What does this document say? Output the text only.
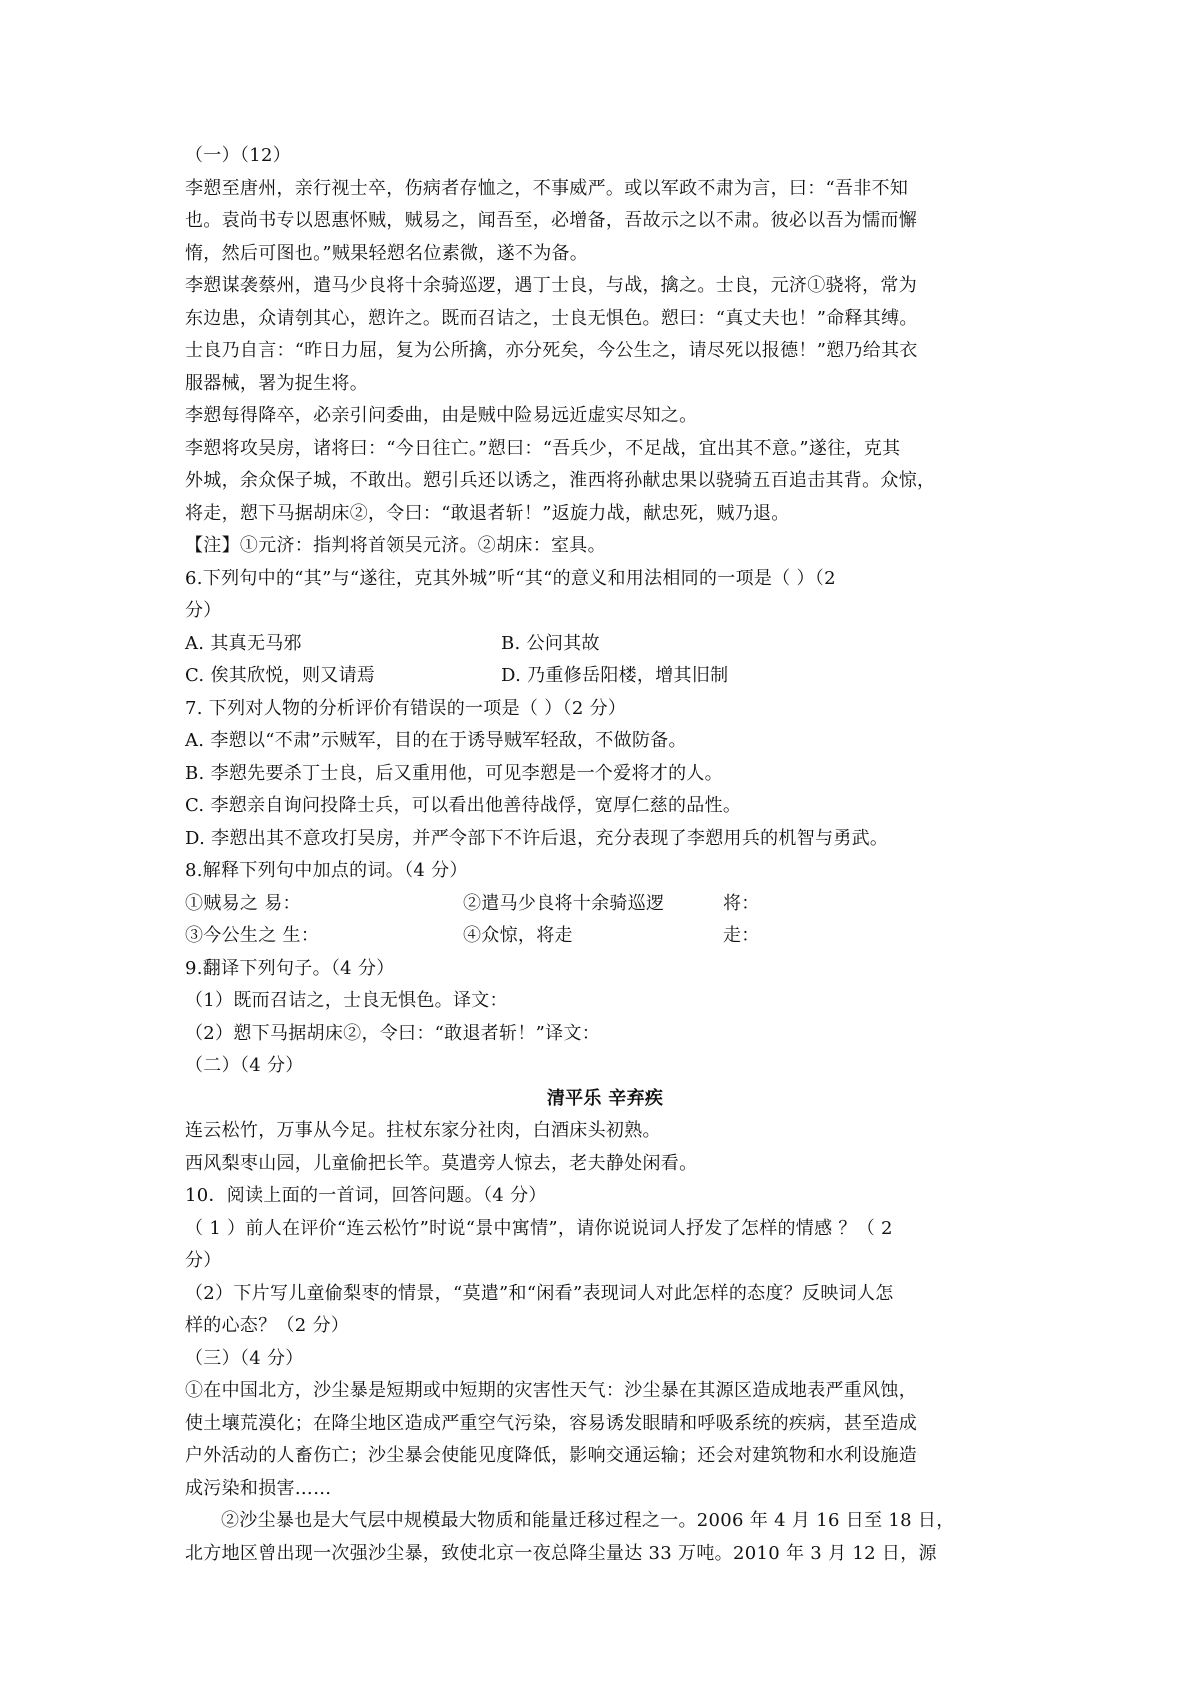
（一）（12）
李愬至唐州，亲行视士卒，伤病者存恤之，不事威严。或以军政不肃为言，曰：“吾非不知
也。袁尚书专以恩惠怀贼，贼易之，闻吾至，必增备，吾故示之以不肃。彼必以吾为懦而懈
惰，然后可图也。”贼果轻愬名位素微，遂不为备。
李愬谋袭蔡州，遣马少良将十余骑巡逻，遇丁士良，与战，擒之。士良，元济①骁将，常为
东边患，众请刳其心，愬许之。既而召诘之，士良无惧色。愬曰：“真丈夫也！”命释其缚。
士良乃自言：“昨日力屈，复为公所擒，亦分死矣，今公生之，请尽死以报德！”愬乃给其衣
服器械，署为捉生将。
李愬每得降卒，必亲引问委曲，由是贼中险易远近虚实尽知之。
李愬将攻吴房，诸将曰：“今日往亡。”愬曰：“吾兵少，不足战，宜出其不意。”遂往，克其
外城，余众保子城，不敢出。愬引兵还以诱之，淮西将孙献忠果以骁骑五百追击其背。众惊，
将走，愬下马据胡床②，令曰：“敢退者斩！”返旋力战，献忠死，贼乃退。
【注】①元济：指判将首领吴元济。②胡床：室具。
6.下列句中的“其”与“遂往，克其外城”听“其“的意义和用法相同的一项是（ ）（2
分）
A. 其真无马邪	B. 公问其故
C. 俟其欣悦，则又请焉	D. 乃重修岳阳楼，增其旧制
7. 下列对人物的分析评价有错误的一项是（ ）（2 分）
A. 李愬以“不肃”示贼军，目的在于诱导贼军轻敌，不做防备。
B. 李愬先要杀丁士良，后又重用他，可见李愬是一个爱将才的人。
C. 李愬亲自询问投降士兵，可以看出他善待战俘，宽厚仁慈的品性。
D. 李愬出其不意攻打吴房，并严令部下不许后退，充分表现了李愬用兵的机智与勇武。
8.解释下列句中加点的词。（4 分）
①贼易之 易：	②遣马少良将十余骑巡逻	将：
③今公生之 生：	④众惊，将走	走：
9.翻译下列句子。（4 分）
（1）既而召诘之，士良无惧色。译文：
（2）愬下马据胡床②，令曰：“敢退者斩！”译文：
（二）（4 分）
清平乐 辛弃疾
连云松竹，万事从今足。拄杖东家分社肉，白酒床头初熟。
西风梨枣山园，儿童偷把长竿。莫遣旁人惊去，老夫静处闲看。
10．阅读上面的一首词，回答问题。（4 分）
（ 1 ）前人在评价“连云松竹”时说“景中寓情”，请你说说词人抒发了怎样的情感 ？（ 2
分）
（2）下片写儿童偷梨枣的情景，“莫遣”和“闲看”表现词人对此怎样的态度？反映词人怎
样的心态？（2 分）
（三）（4 分）
①在中国北方，沙尘暴是短期或中短期的灾害性天气：沙尘暴在其源区造成地表严重风蚀，
使土壤荒漠化；在降尘地区造成严重空气污染，容易诱发眼睛和呼吸系统的疾病，甚至造成
户外活动的人畜伤亡；沙尘暴会使能见度降低，影响交通运输；还会对建筑物和水利设施造
成污染和损害……
②沙尘暴也是大气层中规模最大物质和能量迁移过程之一。2006 年 4 月 16 日至 18 日，
北方地区曾出现一次强沙尘暴，致使北京一夜总降尘量达 33 万吨。2010 年 3 月 12 日，源
